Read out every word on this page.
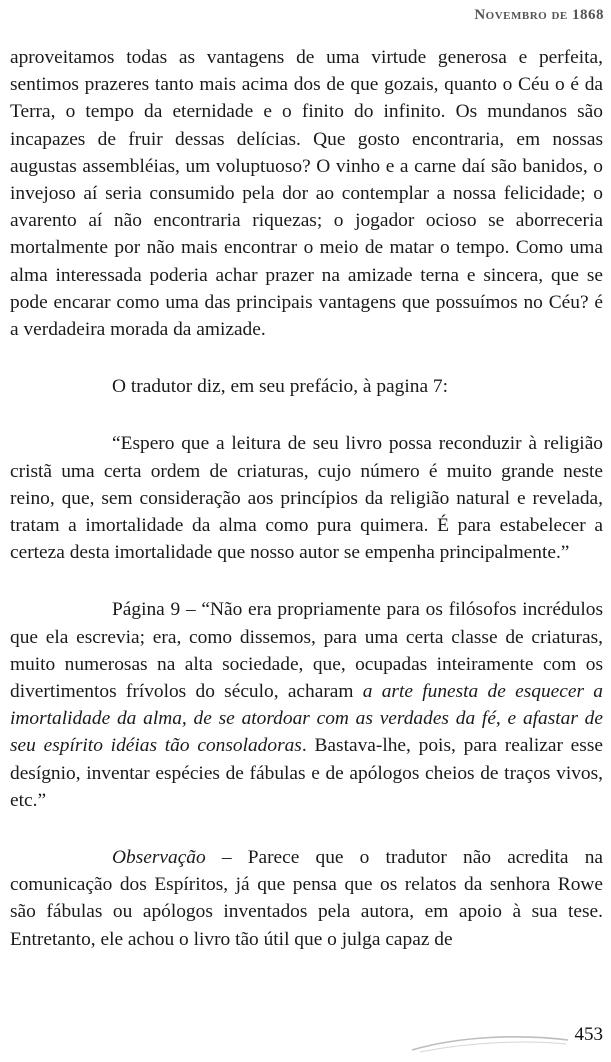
Novembro de 1868

aproveitamos todas as vantagens de uma virtude generosa e perfeita, sentimos prazeres tanto mais acima dos de que gozais, quanto o Céu o é da Terra, o tempo da eternidade e o finito do infinito. Os mundanos são incapazes de fruir dessas delícias. Que gosto encontraria, em nossas augustas assembléias, um voluptuoso? O vinho e a carne daí são banidos, o invejoso aí seria consumido pela dor ao contemplar a nossa felicidade; o avarento aí não encontraria riquezas; o jogador ocioso se aborreceria mortalmente por não mais encontrar o meio de matar o tempo. Como uma alma interessada poderia achar prazer na amizade terna e sincera, que se pode encarar como uma das principais vantagens que possuímos no Céu? é a verdadeira morada da amizade.

O tradutor diz, em seu prefácio, à pagina 7:

“Espero que a leitura de seu livro possa reconduzir à religião cristã uma certa ordem de criaturas, cujo número é muito grande neste reino, que, sem consideração aos princípios da religião natural e revelada, tratam a imortalidade da alma como pura quimera. É para estabelecer a certeza desta imortalidade que nosso autor se empenha principalmente.”

Página 9 – “Não era propriamente para os filósofos incrédulos que ela escrevia; era, como dissemos, para uma certa classe de criaturas, muito numerosas na alta sociedade, que, ocupadas inteiramente com os divertimentos frívolos do século, acharam a arte funesta de esquecer a imortalidade da alma, de se atordoar com as verdades da fé, e afastar de seu espírito idéias tão consoladoras. Bastava-lhe, pois, para realizar esse desígnio, inventar espécies de fábulas e de apólogos cheios de traços vivos, etc.”

Observação – Parece que o tradutor não acredita na comunicação dos Espíritos, já que pensa que os relatos da senhora Rowe são fábulas ou apólogos inventados pela autora, em apoio à sua tese. Entretanto, ele achou o livro tão útil que o julga capaz de

453
